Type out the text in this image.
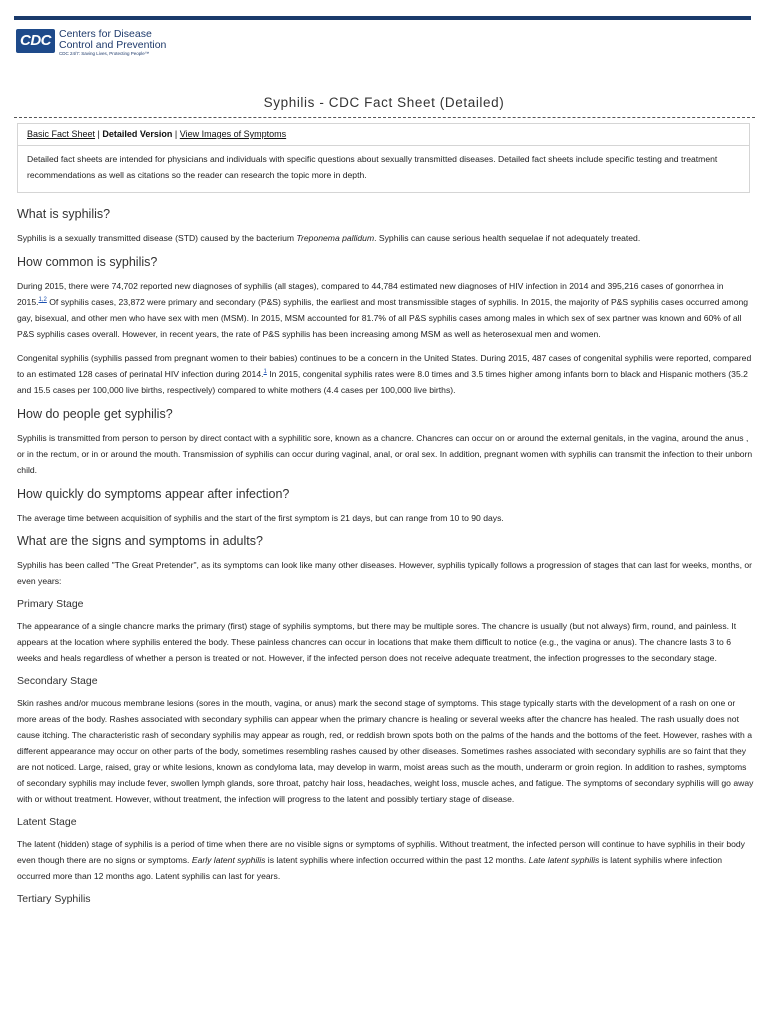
CDC Centers for Disease
Control and Prevention
CDC 24/7: Saving Lives, Protecting People™
Syphilis - CDC Fact Sheet (Detailed)
Basic Fact Sheet | Detailed Version | View Images of Symptoms
Detailed fact sheets are intended for physicians and individuals with specific questions about sexually transmitted diseases. Detailed fact sheets include specific testing and treatment recommendations as well as citations so the reader can research the topic more in depth.
What is syphilis?

Syphilis is a sexually transmitted disease (STD) caused by the bacterium Treponema pallidum. Syphilis can cause serious health sequelae if not adequately treated.

How common is syphilis?

During 2015, there were 74,702 reported new diagnoses of syphilis (all stages), compared to 44,784 estimated new diagnoses of HIV infection in 2014 and 395,216 cases of gonorrhea in 2015.$^{1,2}$ Of syphilis cases, 23,872 were primary and secondary (P&S) syphilis, the earliest and most transmissible stages of syphilis. In 2015, the majority of P&S syphilis cases occurred among gay, bisexual, and other men who have sex with men (MSM). In 2015, MSM accounted for 81.7% of all P&S syphilis cases among males in which sex of sex partner was known and 60% of all P&S syphilis cases overall. However, in recent years, the rate of P&S syphilis has been increasing among MSM as well as heterosexual men and women.

Congenital syphilis (syphilis passed from pregnant women to their babies) continues to be a concern in the United States. During 2015, 487 cases of congenital syphilis were reported, compared to an estimated 128 cases of perinatal HIV infection during 2014.$^1$ In 2015, congenital syphilis rates were 8.0 times and 3.5 times higher among infants born to black and Hispanic mothers (35.2 and 15.5 cases per 100,000 live births, respectively) compared to white mothers (4.4 cases per 100,000 live births).

How do people get syphilis?

Syphilis is transmitted from person to person by direct contact with a syphilitic sore, known as a chancre. Chancres can occur on or around the external genitals, in the vagina, around the anus , or in the rectum, or in or around the mouth. Transmission of syphilis can occur during vaginal, anal, or oral sex. In addition, pregnant women with syphilis can transmit the infection to their unborn child.

How quickly do symptoms appear after infection?

The average time between acquisition of syphilis and the start of the first symptom is 21 days, but can range from 10 to 90 days.

What are the signs and symptoms in adults?

Syphilis has been called "The Great Pretender", as its symptoms can look like many other diseases. However, syphilis typically follows a progression of stages that can last for weeks, months, or even years:

Primary Stage

The appearance of a single chancre marks the primary (first) stage of syphilis symptoms, but there may be multiple sores. The chancre is usually (but not always) firm, round, and painless. It appears at the location where syphilis entered the body. These painless chancres can occur in locations that make them difficult to notice (e.g., the vagina or anus). The chancre lasts 3 to 6 weeks and heals regardless of whether a person is treated or not. However, if the infected person does not receive adequate treatment, the infection progresses to the secondary stage.

Secondary Stage

Skin rashes and/or mucous membrane lesions (sores in the mouth, vagina, or anus) mark the second stage of symptoms. This stage typically starts with the development of a rash on one or more areas of the body. Rashes associated with secondary syphilis can appear when the primary chancre is healing or several weeks after the chancre has healed. The rash usually does not cause itching. The characteristic rash of secondary syphilis may appear as rough, red, or reddish brown spots both on the palms of the hands and the bottoms of the feet. However, rashes with a different appearance may occur on other parts of the body, sometimes resembling rashes caused by other diseases. Sometimes rashes associated with secondary syphilis are so faint that they are not noticed. Large, raised, gray or white lesions, known as condyloma lata, may develop in warm, moist areas such as the mouth, underarm or groin region. In addition to rashes, symptoms of secondary syphilis may include fever, swollen lymph glands, sore throat, patchy hair loss, headaches, weight loss, muscle aches, and fatigue. The symptoms of secondary syphilis will go away with or without treatment. However, without treatment, the infection will progress to the latent and possibly tertiary stage of disease.

Latent Stage

The latent (hidden) stage of syphilis is a period of time when there are no visible signs or symptoms of syphilis. Without treatment, the infected person will continue to have syphilis in their body even though there are no signs or symptoms. Early latent syphilis is latent syphilis where infection occurred within the past 12 months. Late latent syphilis is latent syphilis where infection occurred more than 12 months ago. Latent syphilis can last for years.

Tertiary Syphilis
